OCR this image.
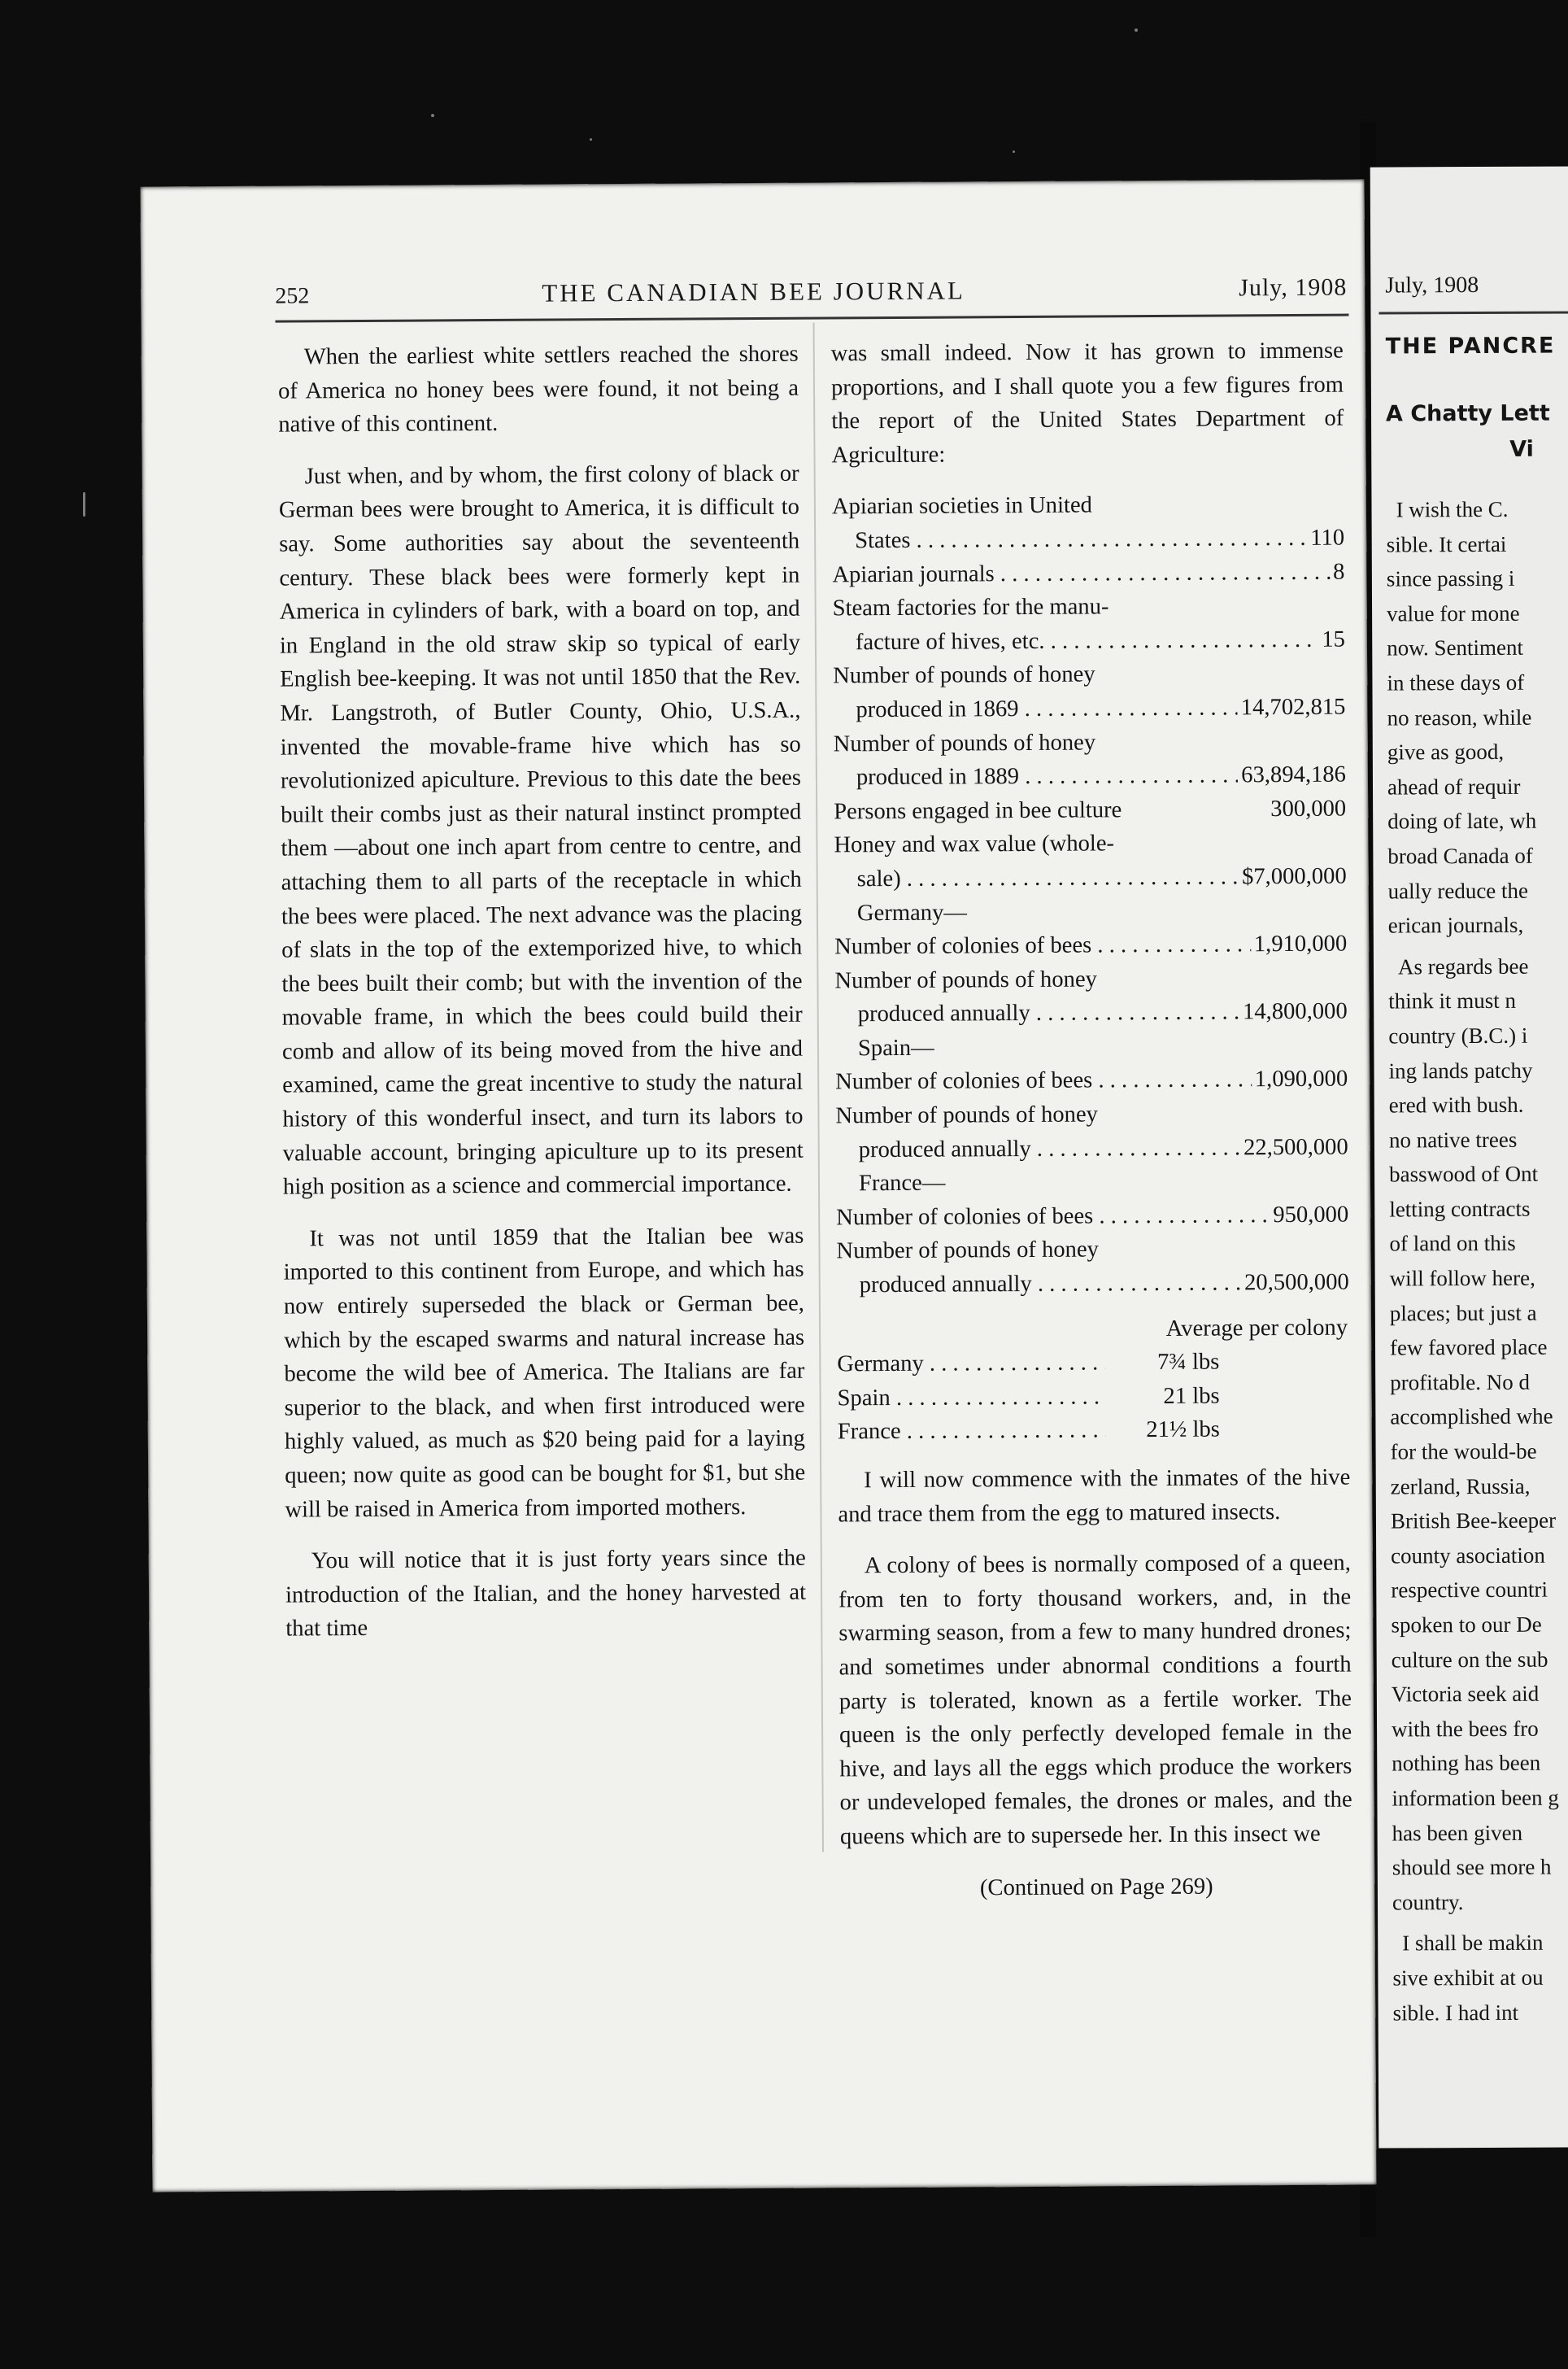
252	THE CANADIAN BEE JOURNAL	July, 1908

When the earliest white settlers reached the shores of America no honey bees were found, it not being a native of this continent.

Just when, and by whom, the first colony of black or German bees were brought to America, it is difficult to say. Some authorities say about the seventeenth century. These black bees were formerly kept in America in cylinders of bark, with a board on top, and in England in the old straw skip so typical of early English bee-keeping. It was not until 1850 that the Rev. Mr. Langstroth, of Butler County, Ohio, U.S.A., invented the movable-frame hive which has so revolutionized apiculture. Previous to this date the bees built their combs just as their natural instinct prompted them —about one inch apart from centre to centre, and attaching them to all parts of the receptacle in which the bees were placed. The next advance was the placing of slats in the top of the extemporized hive, to which the bees built their comb; but with the invention of the movable frame, in which the bees could build their comb and allow of its being moved from the hive and examined, came the great incentive to study the natural history of this wonderful insect, and turn its labors to valuable account, bringing apiculture up to its present high position as a science and commercial importance.

It was not until 1859 that the Italian bee was imported to this continent from Europe, and which has now entirely superseded the black or German bee, which by the escaped swarms and natural increase has become the wild bee of America. The Italians are far superior to the black, and when first introduced were highly valued, as much as $20 being paid for a laying queen; now quite as good can be bought for $1, but she will be raised in America from imported mothers.

You will notice that it is just forty years since the introduction of the Italian, and the honey harvested at that time

was small indeed. Now it has grown to immense proportions, and I shall quote you a few figures from the report of the United States Department of Agriculture:

Apiarian societies in United
States . . .	110
Apiarian journals . . .	8
Steam factories for the manu-
facture of hives, etc. . . .	15
Number of pounds of honey
produced in 1869 . . .	14,702,815
Number of pounds of honey
produced in 1889 . . .	63,894,186
Persons engaged in bee culture	300,000
Honey and wax value (whole-
sale) . . .	$7,000,000
Germany—
Number of colonies of bees . . .	1,910,000
Number of pounds of honey
produced annually . . .	14,800,000
Spain—
Number of colonies of bees . . .	1,090,000
Number of pounds of honey
produced annually . . .	22,500,000
France—
Number of colonies of bees . . .	950,000
Number of pounds of honey
produced annually . . .	20,500,000
Average per colony
Germany . . .	7¾ lbs
Spain . . .	21 lbs
France . . .	21½ lbs

I will now commence with the inmates of the hive and trace them from the egg to matured insects.

A colony of bees is normally composed of a queen, from ten to forty thousand workers, and, in the swarming season, from a few to many hundred drones; and sometimes under abnormal conditions a fourth party is tolerated, known as a fertile worker. The queen is the only perfectly developed female in the hive, and lays all the eggs which produce the workers or undeveloped females, the drones or males, and the queens which are to supersede her. In this insect we

(Continued on Page 269)
July, 1908
THE PANCRE
A Chatty Lett
Vi
I wish the C.
sible. It certai
since passing i
value for mone
now. Sentiment
in these days of
no reason, while
give as good,
ahead of requir
doing of late, wh
broad Canada of
ually reduce the
erican journals,
As regards bee
think it must n
country (B.C.) i
ing lands patchy
ered with bush.
no native trees
basswood of Ont
letting contracts
of land on this
will follow here,
places; but just a
few favored place
profitable. No d
accomplished whe
for the would-be
zerland, Russia,
British Bee-keeper
county asociation
respective countri
spoken to our De
culture on the sub
Victoria seek aid
with the bees fro
nothing has been
information been g
has been given
should see more h
country.
I shall be makin
sive exhibit at ou
sible. I had int
